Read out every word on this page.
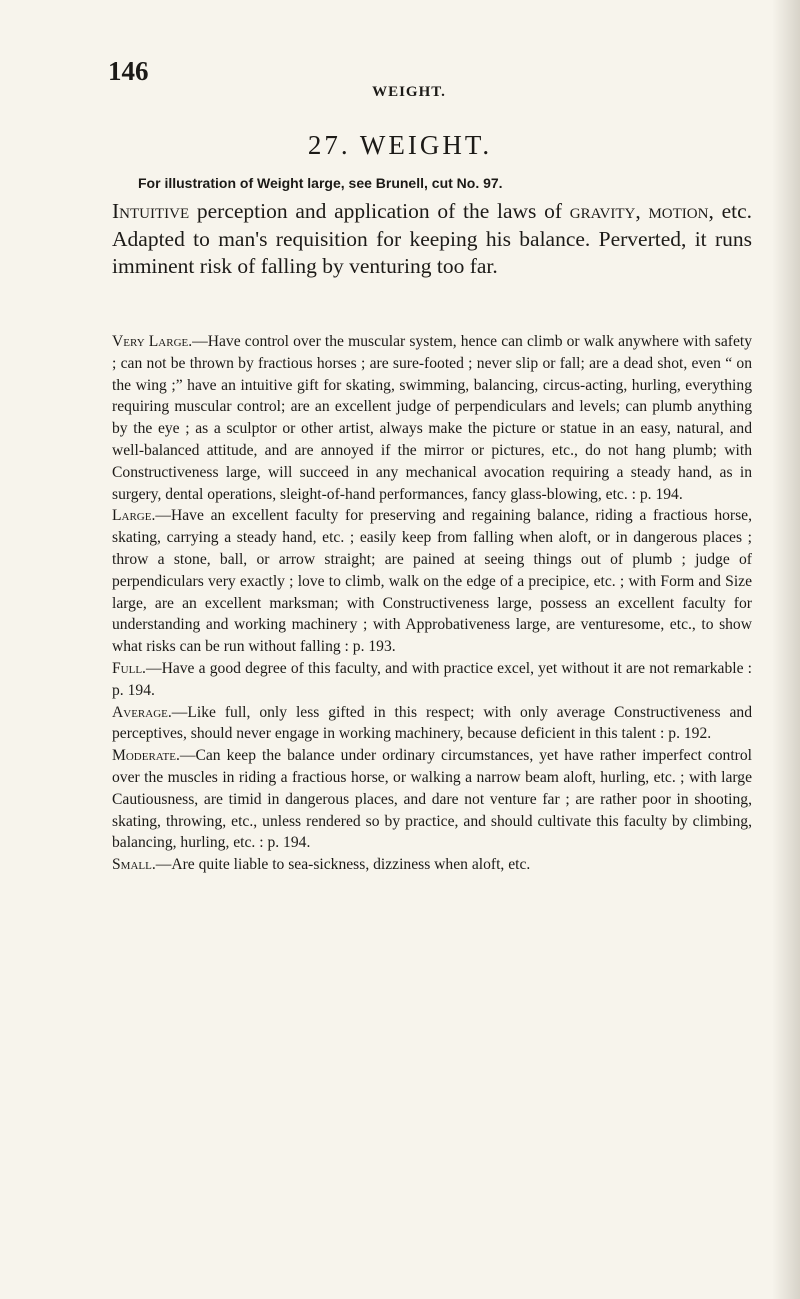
146
WEIGHT.
27. WEIGHT.
For illustration of Weight large, see Brunell, cut No. 97.

Intuitive perception and application of the laws of gravity, motion, etc. Adapted to man's requisition for keeping his balance. Perverted, it runs imminent risk of falling by venturing too far.

Very Large.—Have control over the muscular system, hence can climb or walk anywhere with safety ; can not be thrown by fractious horses ; are sure-footed ; never slip or fall; are a dead shot, even “ on the wing ;” have an intuitive gift for skating, swimming, balancing, circus-acting, hurling, everything requiring muscular control; are an excellent judge of perpendiculars and levels; can plumb anything by the eye ; as a sculptor or other artist, always make the picture or statue in an easy, natural, and well-balanced attitude, and are annoyed if the mirror or pictures, etc., do not hang plumb; with Constructiveness large, will succeed in any mechanical avocation requiring a steady hand, as in surgery, dental operations, sleight-of-hand performances, fancy glass-blowing, etc. : p. 194.

Large.—Have an excellent faculty for preserving and regaining balance, riding a fractious horse, skating, carrying a steady hand, etc. ; easily keep from falling when aloft, or in dangerous places ; throw a stone, ball, or arrow straight; are pained at seeing things out of plumb ; judge of perpendiculars very exactly ; love to climb, walk on the edge of a precipice, etc. ; with Form and Size large, are an excellent marksman; with Constructiveness large, possess an excellent faculty for understanding and working machinery ; with Approbativeness large, are venturesome, etc., to show what risks can be run without falling : p. 193.

Full.—Have a good degree of this faculty, and with practice excel, yet without it are not remarkable : p. 194.

Average.—Like full, only less gifted in this respect; with only average Constructiveness and perceptives, should never engage in working machinery, because deficient in this talent : p. 192.

Moderate.—Can keep the balance under ordinary circumstances, yet have rather imperfect control over the muscles in riding a fractious horse, or walking a narrow beam aloft, hurling, etc. ; with large Cautiousness, are timid in dangerous places, and dare not venture far ; are rather poor in shooting, skating, throwing, etc., unless rendered so by practice, and should cultivate this faculty by climbing, balancing, hurling, etc. : p. 194.

Small.—Are quite liable to sea-sickness, dizziness when aloft, etc.
